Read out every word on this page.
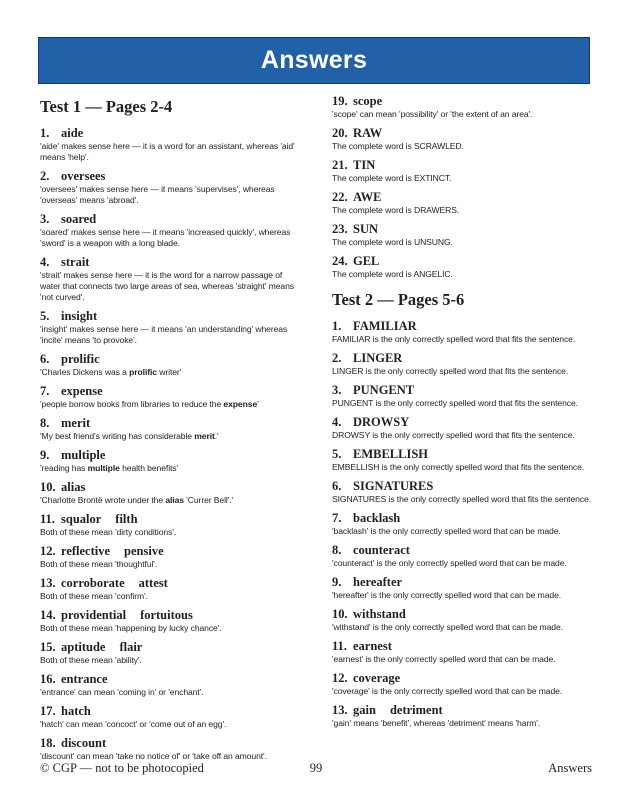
Answers
Test 1 — Pages 2-4
1. aide
'aide' makes sense here — it is a word for an assistant, whereas 'aid' means 'help'.
2. oversees
'oversees' makes sense here — it means 'supervises', whereas 'overseas' means 'abroad'.
3. soared
'soared' makes sense here — it means 'increased quickly', whereas 'sword' is a weapon with a long blade.
4. strait
'strait' makes sense here — it is the word for a narrow passage of water that connects two large areas of sea, whereas 'straight' means 'not curved'.
5. insight
'insight' makes sense here — it means 'an understanding' whereas 'incite' means 'to provoke'.
6. prolific
'Charles Dickens was a prolific writer'
7. expense
'people borrow books from libraries to reduce the expense'
8. merit
'My best friend's writing has considerable merit.'
9. multiple
'reading has multiple health benefits'
10. alias
'Charlotte Brontë wrote under the alias 'Currer Bell'.'
11. squalor filth
Both of these mean 'dirty conditions'.
12. reflective pensive
Both of these mean 'thoughtful'.
13. corroborate attest
Both of these mean 'confirm'.
14. providential fortuitous
Both of these mean 'happening by lucky chance'.
15. aptitude flair
Both of these mean 'ability'.
16. entrance
'entrance' can mean 'coming in' or 'enchant'.
17. hatch
'hatch' can mean 'concoct' or 'come out of an egg'.
18. discount
'discount' can mean 'take no notice of' or 'take off an amount'.
19. scope
'scope' can mean 'possibility' or 'the extent of an area'.
20. RAW
The complete word is SCRAWLED.
21. TIN
The complete word is EXTINCT.
22. AWE
The complete word is DRAWERS.
23. SUN
The complete word is UNSUNG.
24. GEL
The complete word is ANGELIC.
Test 2 — Pages 5-6
1. FAMILIAR
FAMILIAR is the only correctly spelled word that fits the sentence.
2. LINGER
LINGER is the only correctly spelled word that fits the sentence.
3. PUNGENT
PUNGENT is the only correctly spelled word that fits the sentence.
4. DROWSY
DROWSY is the only correctly spelled word that fits the sentence.
5. EMBELLISH
EMBELLISH is the only correctly spelled word that fits the sentence.
6. SIGNATURES
SIGNATURES is the only correctly spelled word that fits the sentence.
7. backlash
'backlash' is the only correctly spelled word that can be made.
8. counteract
'counteract' is the only correctly spelled word that can be made.
9. hereafter
'hereafter' is the only correctly spelled word that can be made.
10. withstand
'withstand' is the only correctly spelled word that can be made.
11. earnest
'earnest' is the only correctly spelled word that can be made.
12. coverage
'coverage' is the only correctly spelled word that can be made.
13. gain detriment
'gain' means 'benefit', whereas 'detriment' means 'harm'.
© CGP — not to be photocopied	99	Answers
